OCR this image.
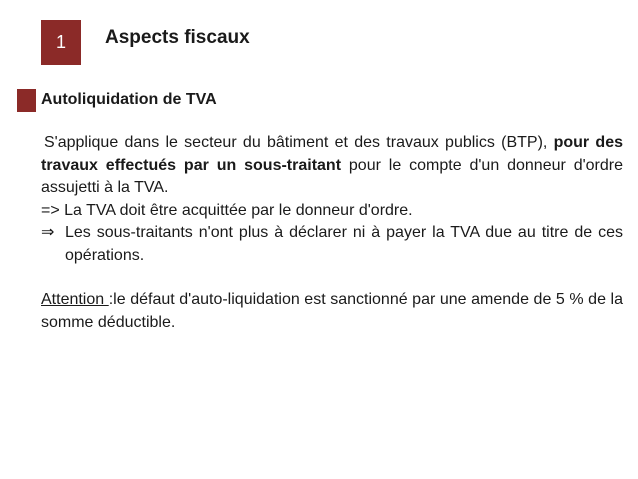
1 Aspects fiscaux
Autoliquidation de TVA

S'applique dans le secteur du bâtiment et des travaux publics (BTP), pour des travaux effectués par un sous-traitant pour le compte d'un donneur d'ordre assujetti à la TVA.

=> La TVA doit être acquittée par le donneur d'ordre.

⇒ Les sous-traitants n'ont plus à déclarer ni à payer la TVA due au titre de ces opérations.

Attention :le défaut d'auto-liquidation est sanctionné par une amende de 5 % de la somme déductible.
